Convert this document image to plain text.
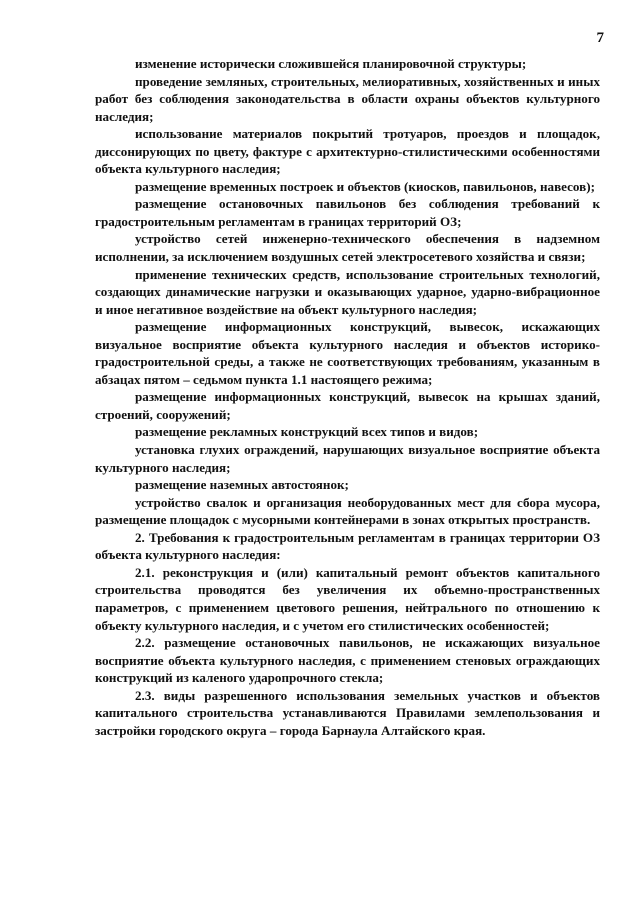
7

изменение исторически сложившейся планировочной структуры;

проведение земляных, строительных, мелиоративных, хозяйственных и иных работ без соблюдения законодательства в области охраны объектов культурного наследия;

использование материалов покрытий тротуаров, проездов и площадок, диссонирующих по цвету, фактуре с архитектурно-стилистическими особенностями объекта культурного наследия;

размещение временных построек и объектов (киосков, павильонов, навесов);

размещение остановочных павильонов без соблюдения требований к градостроительным регламентам в границах территорий ОЗ;

устройство сетей инженерно-технического обеспечения в надземном исполнении, за исключением воздушных сетей электросетевого хозяйства и связи;

применение технических средств, использование строительных технологий, создающих динамические нагрузки и оказывающих ударное, ударно-вибрационное и иное негативное воздействие на объект культурного наследия;

размещение информационных конструкций, вывесок, искажающих визуальное восприятие объекта культурного наследия и объектов историко-градостроительной среды, а также не соответствующих требованиям, указанным в абзацах пятом – седьмом пункта 1.1 настоящего режима;

размещение информационных конструкций, вывесок на крышах зданий, строений, сооружений;

размещение рекламных конструкций всех типов и видов;

установка глухих ограждений, нарушающих визуальное восприятие объекта культурного наследия;

размещение наземных автостоянок;

устройство свалок и организация необорудованных мест для сбора мусора, размещение площадок с мусорными контейнерами в зонах открытых пространств.

2. Требования к градостроительным регламентам в границах территории ОЗ объекта культурного наследия:

2.1. реконструкция и (или) капитальный ремонт объектов капитального строительства проводятся без увеличения их объемно-пространственных параметров, с применением цветового решения, нейтрального по отношению к объекту культурного наследия, и с учетом его стилистических особенностей;

2.2. размещение остановочных павильонов, не искажающих визуальное восприятие объекта культурного наследия, с применением стеновых ограждающих конструкций из каленого ударопрочного стекла;

2.3. виды разрешенного использования земельных участков и объектов капитального строительства устанавливаются Правилами землепользования и застройки городского округа – города Барнаула Алтайского края.
